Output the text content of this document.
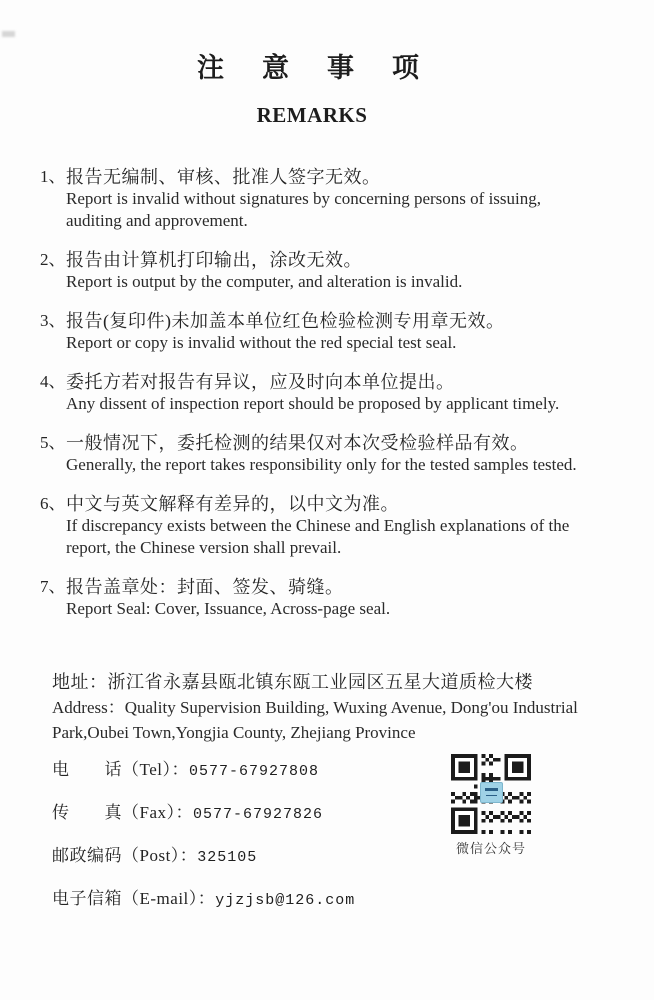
注意事项
REMARKS
1、 报告无编制、审核、批准人签字无效。
Report is invalid without signatures by concerning persons of issuing,
auditing and approvement.
2、 报告由计算机打印输出，涂改无效。
Report is output by the computer, and alteration is invalid.
3、 报告(复印件)未加盖本单位红色检验检测专用章无效。
Report or copy is invalid without the red special test seal.
4、 委托方若对报告有异议，应及时向本单位提出。
Any dissent of inspection report should be proposed by applicant timely.
5、 一般情况下，委托检测的结果仅对本次受检验样品有效。
Generally, the report takes responsibility only for the tested samples tested.
6、 中文与英文解释有差异的，以中文为准。
If discrepancy exists between the Chinese and English explanations of the
report, the Chinese version shall prevail.
7、 报告盖章处：封面、签发、骑缝。
Report Seal: Cover, Issuance, Across-page seal.
地址：浙江省永嘉县瓯北镇东瓯工业园区五星大道质检大楼
Address：Quality Supervision Building, Wuxing Avenue, Dong'ou Industrial
Park,Oubei Town,Yongjia County, Zhejiang Province
电　　话（Tel）：0577-67927808
传　　真（Fax）：0577-67927826
邮政编码（Post）：325105
电子信箱（E-mail）：yjzjsb@126.com
微信公众号
